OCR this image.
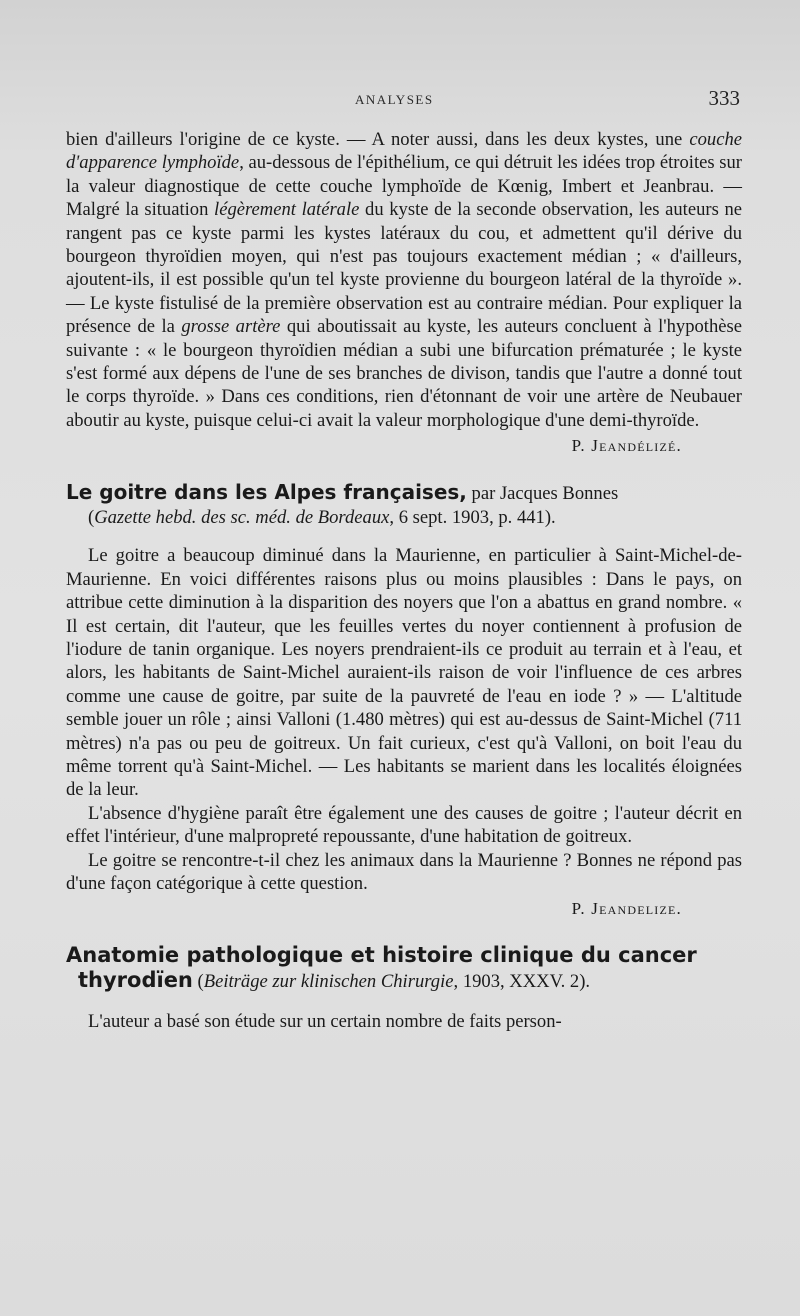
ANALYSES	333

bien d'ailleurs l'origine de ce kyste. — A noter aussi, dans les deux kystes, une couche d'apparence lymphoïde, au-dessous de l'épithélium, ce qui détruit les idées trop étroites sur la valeur diagnostique de cette couche lymphoïde de Kœnig, Imbert et Jeanbrau. — Malgré la situation légèrement latérale du kyste de la seconde observation, les auteurs ne rangent pas ce kyste parmi les kystes latéraux du cou, et admettent qu'il dérive du bourgeon thyroïdien moyen, qui n'est pas toujours exactement médian ; « d'ailleurs, ajoutent-ils, il est possible qu'un tel kyste provienne du bourgeon latéral de la thyroïde ». — Le kyste fistulisé de la première observation est au contraire médian. Pour expliquer la présence de la grosse artère qui aboutissait au kyste, les auteurs concluent à l'hypothèse suivante : « le bourgeon thyroïdien médian a subi une bifurcation prématurée ; le kyste s'est formé aux dépens de l'une de ses branches de divison, tandis que l'autre a donné tout le corps thyroïde. » Dans ces conditions, rien d'étonnant de voir une artère de Neubauer aboutir au kyste, puisque celui-ci avait la valeur morphologique d'une demi-thyroïde.

P. Jeandélizé.
Le goitre dans les Alpes françaises, par Jacques Bonnes
(Gazette hebd. des sc. méd. de Bordeaux, 6 sept. 1903, p. 441).

Le goitre a beaucoup diminué dans la Maurienne, en particulier à Saint-Michel-de-Maurienne. En voici différentes raisons plus ou moins plausibles : Dans le pays, on attribue cette diminution à la disparition des noyers que l'on a abattus en grand nombre. « Il est certain, dit l'auteur, que les feuilles vertes du noyer contiennent à profusion de l'iodure de tanin organique. Les noyers prendraient-ils ce produit au terrain et à l'eau, et alors, les habitants de Saint-Michel auraient-ils raison de voir l'influence de ces arbres comme une cause de goitre, par suite de la pauvreté de l'eau en iode ? » — L'altitude semble jouer un rôle ; ainsi Valloni (1.480 mètres) qui est au-dessus de Saint-Michel (711 mètres) n'a pas ou peu de goitreux. Un fait curieux, c'est qu'à Valloni, on boit l'eau du même torrent qu'à Saint-Michel. — Les habitants se marient dans les localités éloignées de la leur.

L'absence d'hygiène paraît être également une des causes de goitre ; l'auteur décrit en effet l'intérieur, d'une malpropreté repoussante, d'une habitation de goitreux.

Le goitre se rencontre-t-il chez les animaux dans la Maurienne ? Bonnes ne répond pas d'une façon catégorique à cette question.

P. Jeandelize.
Anatomie pathologique et histoire clinique du cancer
thyrodïen (Beiträge zur klinischen Chirurgie, 1903, XXXV. 2).

L'auteur a basé son étude sur un certain nombre de faits person-
